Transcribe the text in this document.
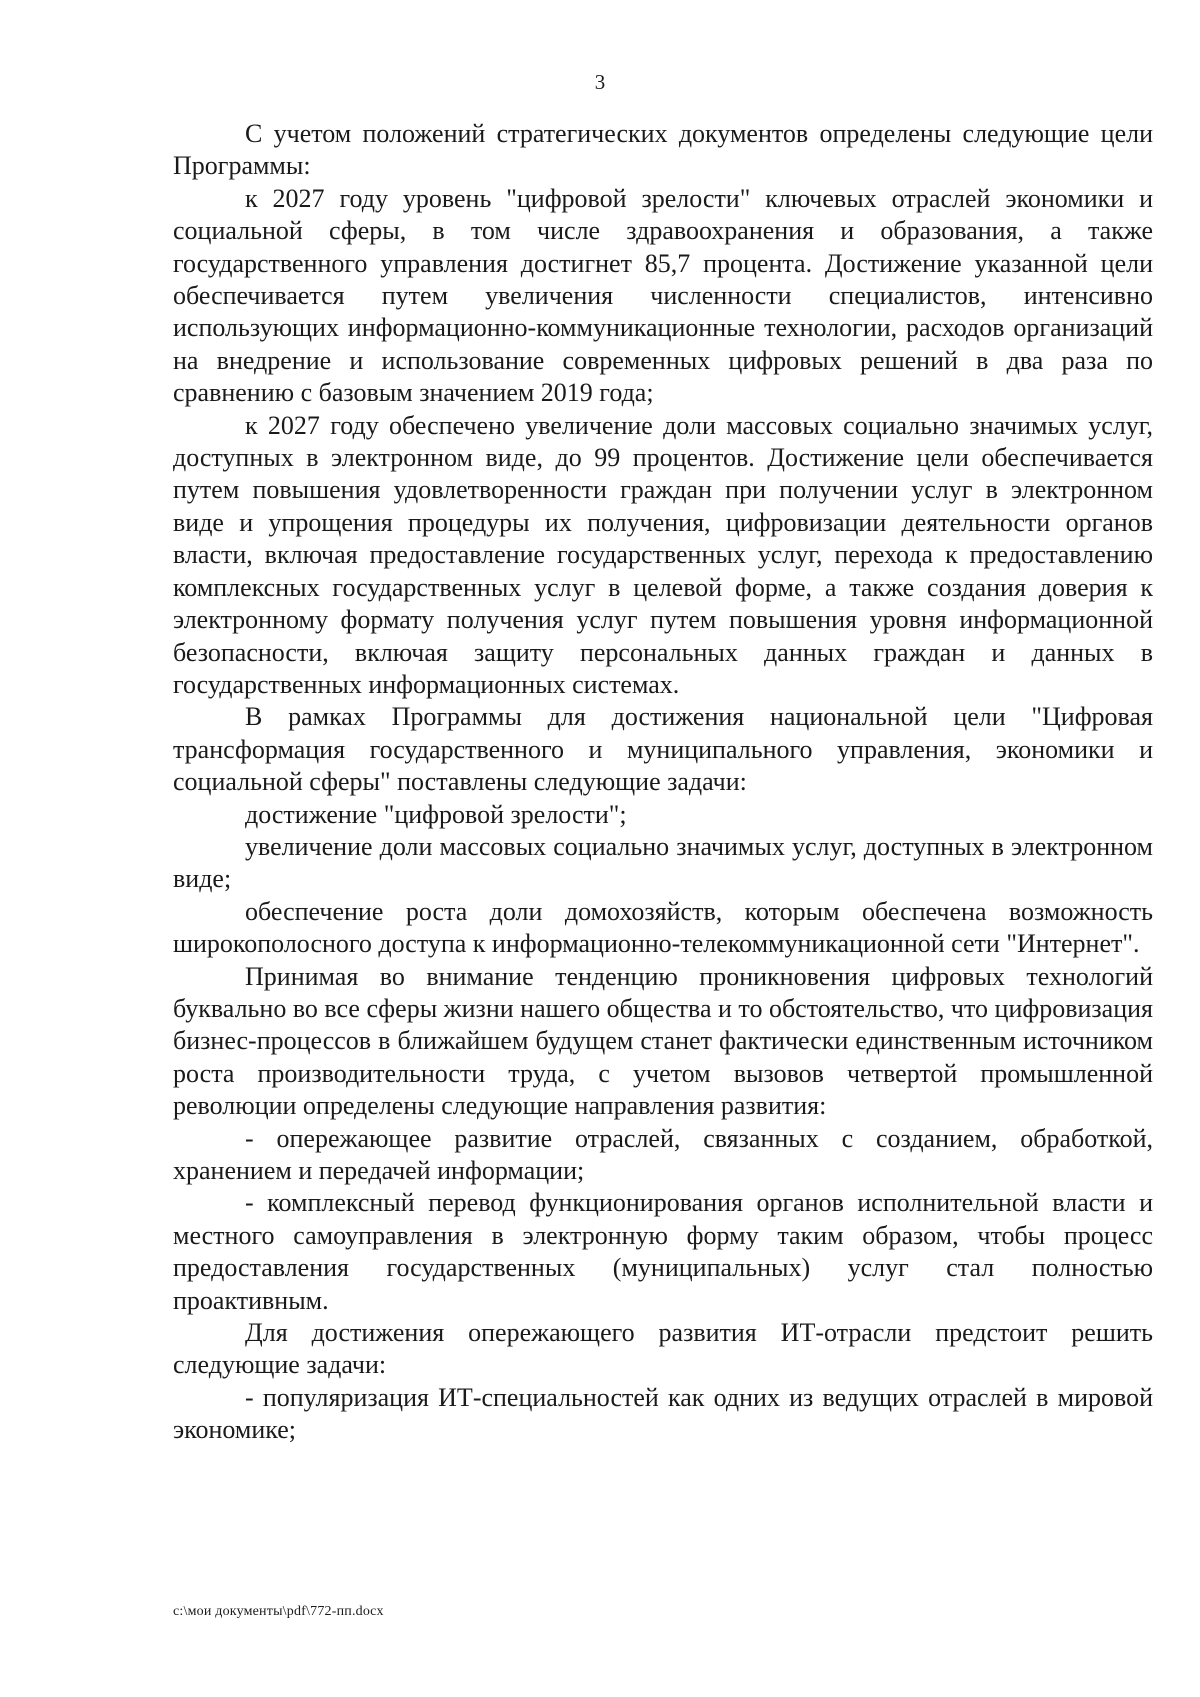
3

С учетом положений стратегических документов определены следующие цели Программы:

к 2027 году уровень "цифровой зрелости" ключевых отраслей экономики и социальной сферы, в том числе здравоохранения и образования, а также государственного управления достигнет 85,7 процента. Достижение указанной цели обеспечивается путем увеличения численности специалистов, интенсивно использующих информационно-коммуникационные технологии, расходов организаций на внедрение и использование современных цифровых решений в два раза по сравнению с базовым значением 2019 года;

к 2027 году обеспечено увеличение доли массовых социально значимых услуг, доступных в электронном виде, до 99 процентов. Достижение цели обеспечивается путем повышения удовлетворенности граждан при получении услуг в электронном виде и упрощения процедуры их получения, цифровизации деятельности органов власти, включая предоставление государственных услуг, перехода к предоставлению комплексных государственных услуг в целевой форме, а также создания доверия к электронному формату получения услуг путем повышения уровня информационной безопасности, включая защиту персональных данных граждан и данных в государственных информационных системах.

В рамках Программы для достижения национальной цели "Цифровая трансформация государственного и муниципального управления, экономики и социальной сферы" поставлены следующие задачи:

достижение "цифровой зрелости";

увеличение доли массовых социально значимых услуг, доступных в электронном виде;

обеспечение роста доли домохозяйств, которым обеспечена возможность широкополосного доступа к информационно-телекоммуникационной сети "Интернет".

Принимая во внимание тенденцию проникновения цифровых технологий буквально во все сферы жизни нашего общества и то обстоятельство, что цифровизация бизнес-процессов в ближайшем будущем станет фактически единственным источником роста производительности труда, с учетом вызовов четвертой промышленной революции определены следующие направления развития:

- опережающее развитие отраслей, связанных с созданием, обработкой, хранением и передачей информации;

- комплексный перевод функционирования органов исполнительной власти и местного самоуправления в электронную форму таким образом, чтобы процесс предоставления государственных (муниципальных) услуг стал полностью проактивным.

Для достижения опережающего развития ИТ-отрасли предстоит решить следующие задачи:

- популяризация ИТ-специальностей как одних из ведущих отраслей в мировой экономике;

c:\мои документы\pdf\772-пп.docx
